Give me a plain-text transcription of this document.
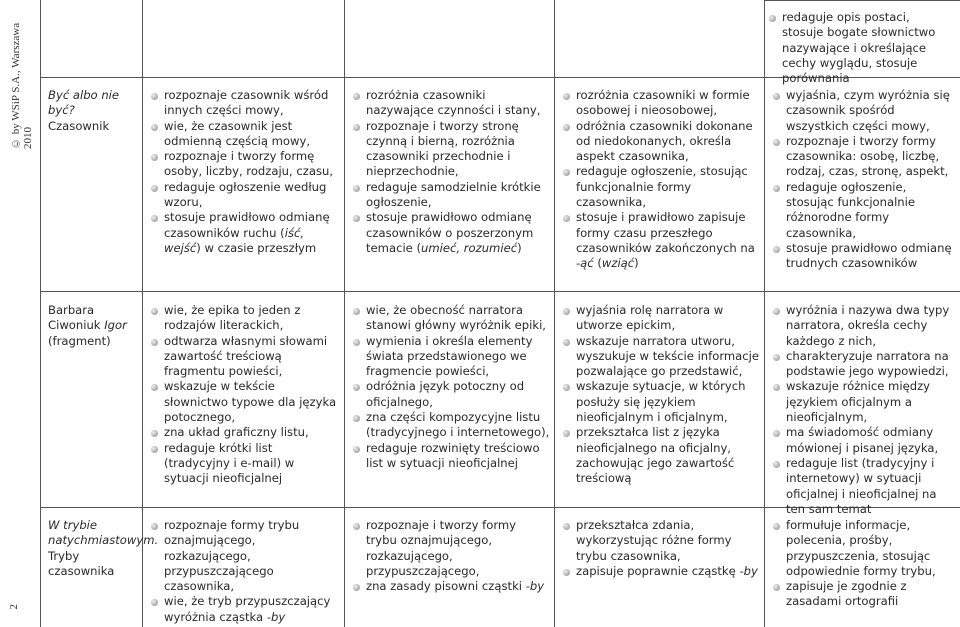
© by WSiP S.A., Warszawa 2010
2
redaguje opis postaci, stosuje bogate słownictwo nazywające i określające cechy wyglądu, stosuje porównania
Być albo nie być? Czasownik
rozpoznaje czasownik wśród innych części mowy,
wie, że czasownik jest odmienną częścią mowy,
rozpoznaje i tworzy formę osoby, liczby, rodzaju, czasu,
redaguje ogłoszenie według wzoru,
stosuje prawidłowo odmianę czasowników ruchu (iść, wejść) w czasie przeszłym
rozróżnia czasowniki nazywające czynności i stany,
rozpoznaje i tworzy stronę czynną i bierną, rozróżnia czasowniki przechodnie i nieprzechodnie,
redaguje samodzielnie krótkie ogłoszenie,
stosuje prawidłowo odmianę czasowników o poszerzonym temacie (umieć, rozumieć)
rozróżnia czasowniki w formie osobowej i nieosobowej,
odróżnia czasowniki dokonane od niedokonanych, określa aspekt czasownika,
redaguje ogłoszenie, stosując funkcjonalnie formy czasownika,
stosuje i prawidłowo zapisuje formy czasu przeszłego czasowników zakończonych na -ąć (wziąć)
wyjaśnia, czym wyróżnia się czasownik spośród wszystkich części mowy,
rozpoznaje i tworzy formy czasownika: osobę, liczbę, rodzaj, czas, stronę, aspekt,
redaguje ogłoszenie, stosując funkcjonalnie różnorodne formy czasownika,
stosuje prawidłowo odmianę trudnych czasowników
Barbara Ciwoniuk Igor (fragment)
wie, że epika to jeden z rodzajów literackich,
odtwarza własnymi słowami zawartość treściową fragmentu powieści,
wskazuje w tekście słownictwo typowe dla języka potocznego,
zna układ graficzny listu,
redaguje krótki list (tradycyjny i e-mail) w sytuacji nieoficjalnej
wie, że obecność narratora stanowi główny wyróżnik epiki,
wymienia i określa elementy świata przedstawionego we fragmencie powieści,
odróżnia język potoczny od oficjalnego,
zna części kompozycyjne listu (tradycyjnego i internetowego),
redaguje rozwinięty treściowo list w sytuacji nieoficjalnej
wyjaśnia rolę narratora w utworze epickim,
wskazuje narratora utworu, wyszukuje w tekście informacje pozwalające go przedstawić,
wskazuje sytuacje, w których posłuży się językiem nieoficjalnym i oficjalnym,
przekształca list z języka nieoficjalnego na oficjalny, zachowując jego zawartość treściową
wyróżnia i nazywa dwa typy narratora, określa cechy każdego z nich,
charakteryzuje narratora na podstawie jego wypowiedzi,
wskazuje różnice między językiem oficjalnym a nieoficjalnym,
ma świadomość odmiany mówionej i pisanej języka,
redaguje list (tradycyjny i internetowy) w sytuacji oficjalnej i nieoficjalnej na ten sam temat
W trybie natychmiastowym. Tryby czasownika
rozpoznaje formy trybu oznajmującego, rozkazującego, przypuszczającego czasownika,
wie, że tryb przypuszczający wyróżnia cząstka -by
rozpoznaje i tworzy formy trybu oznajmującego, rozkazującego, przypuszczającego,
zna zasady pisowni cząstki -by
przekształca zdania, wykorzystując różne formy trybu czasownika,
zapisuje poprawnie cząstkę -by
formułuje informacje, polecenia, prośby, przypuszczenia, stosując odpowiednie formy trybu,
zapisuje je zgodnie z zasadami ortografii
